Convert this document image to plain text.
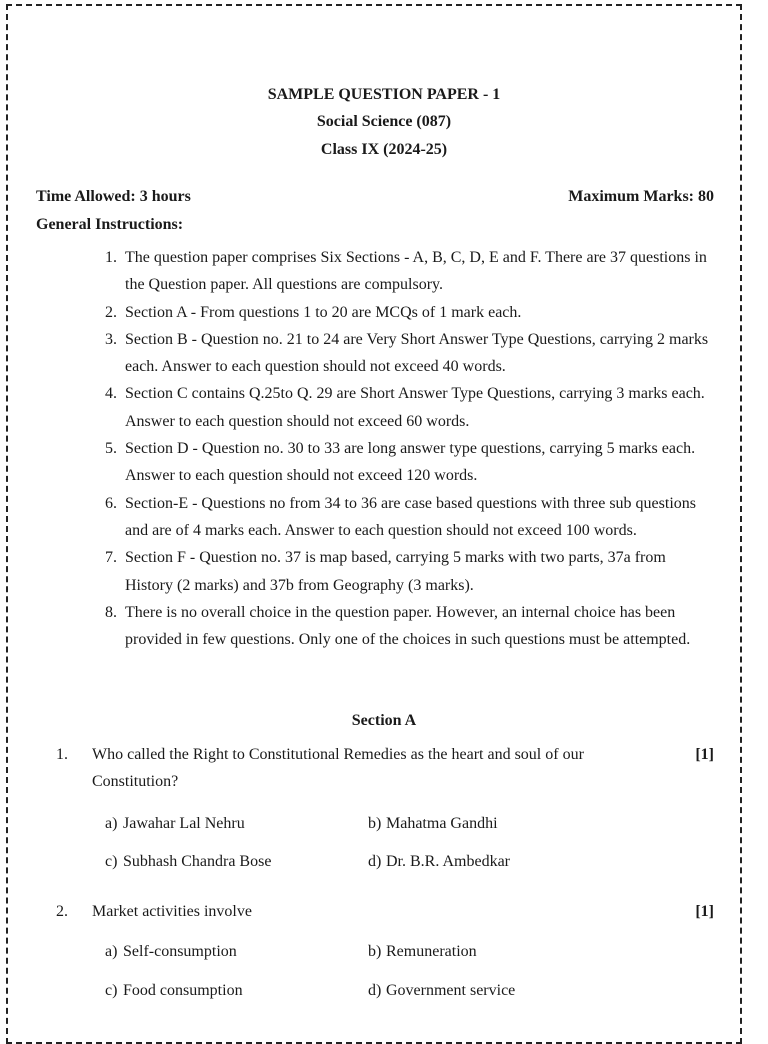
SAMPLE QUESTION PAPER - 1
Social Science (087)
Class IX (2024-25)
Time Allowed: 3 hours	Maximum Marks: 80
General Instructions:
1. The question paper comprises Six Sections - A, B, C, D, E and F. There are 37 questions in the Question paper. All questions are compulsory.
2. Section A - From questions 1 to 20 are MCQs of 1 mark each.
3. Section B - Question no. 21 to 24 are Very Short Answer Type Questions, carrying 2 marks each. Answer to each question should not exceed 40 words.
4. Section C contains Q.25to Q. 29 are Short Answer Type Questions, carrying 3 marks each. Answer to each question should not exceed 60 words.
5. Section D - Question no. 30 to 33 are long answer type questions, carrying 5 marks each. Answer to each question should not exceed 120 words.
6. Section-E - Questions no from 34 to 36 are case based questions with three sub questions and are of 4 marks each. Answer to each question should not exceed 100 words.
7. Section F - Question no. 37 is map based, carrying 5 marks with two parts, 37a from History (2 marks) and 37b from Geography (3 marks).
8. There is no overall choice in the question paper. However, an internal choice has been provided in few questions. Only one of the choices in such questions must be attempted.
Section A
1. Who called the Right to Constitutional Remedies as the heart and soul of our Constitution?
[1]
a) Jawahar Lal Nehru	b) Mahatma Gandhi
c) Subhash Chandra Bose	d) Dr. B.R. Ambedkar
2. Market activities involve	[1]
a) Self-consumption	b) Remuneration
c) Food consumption	d) Government service
